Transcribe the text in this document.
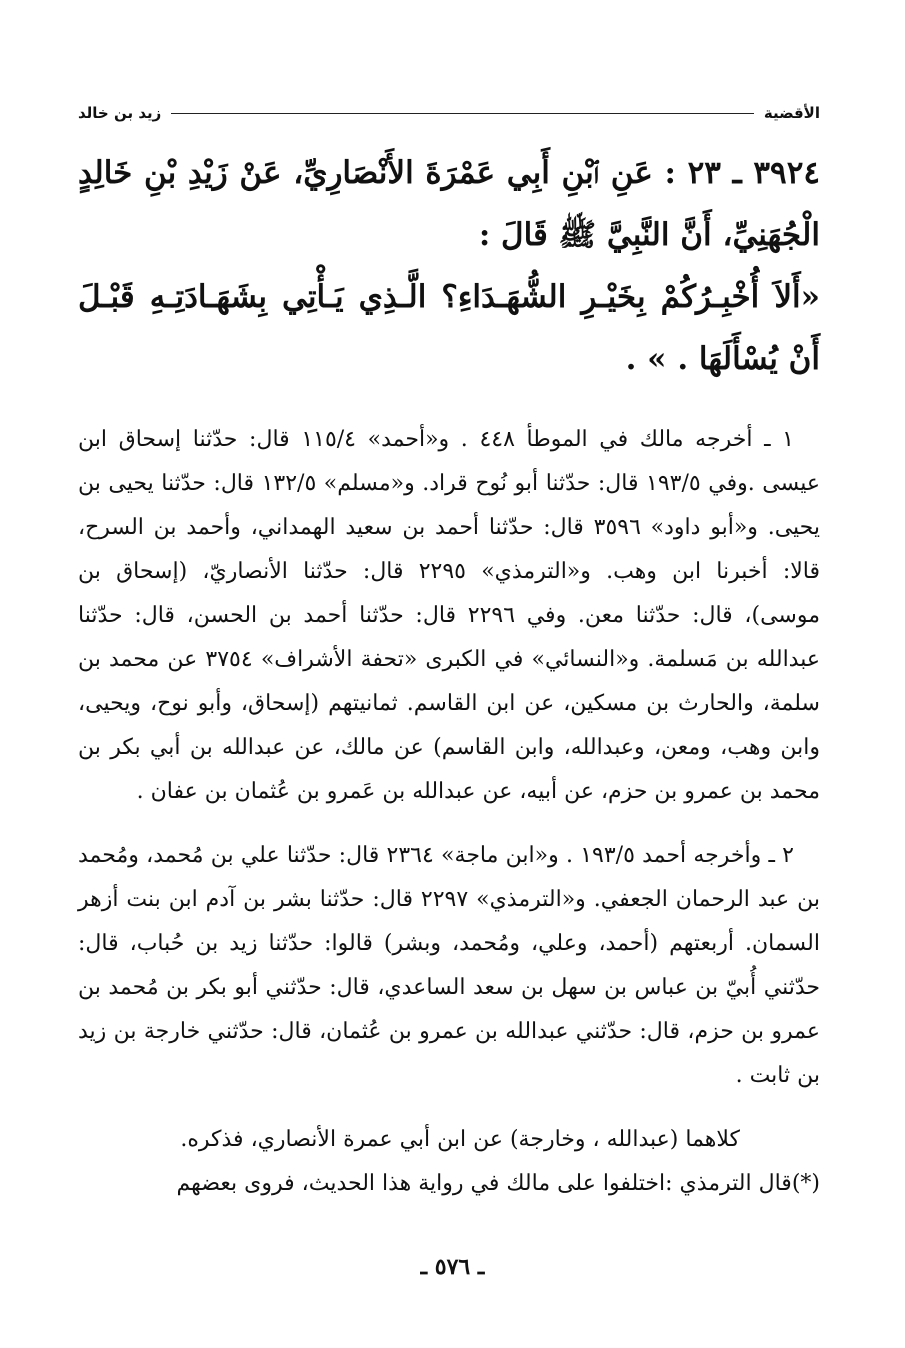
الأقضية
زيد بن خالد

٣٩٢٤ ـ ٢٣ : عَنِ ٱبْنِ أَبِي عَمْرَةَ الأَنْصَارِيِّ، عَنْ زَيْدِ بْنِ خَالِدٍ الْجُهَنِيِّ، أَنَّ النَّبِيَّ ﷺ قَالَ :

«أَلاَ أُخْبِـرُكُمْ بِخَيْـرِ الشُّهَـدَاءِ؟ الَّـذِي يَـأْتِي بِشَهَـادَتِـهِ قَبْـلَ أَنْ يُسْأَلَهَا . » .

١ ـ أخرجه مالك في الموطأ ٤٤٨ . و«أحمد» ١١٥/٤ قال: حدّثنا إسحاق ابن عيسى .وفي ١٩٣/٥ قال: حدّثنا أبو نُوح قراد. و«مسلم» ١٣٢/٥ قال: حدّثنا يحيى بن يحيى. و«أبو داود» ٣٥٩٦ قال: حدّثنا أحمد بن سعيد الهمداني، وأحمد بن السرح، قالا: أخبرنا ابن وهب. و«الترمذي» ٢٢٩٥ قال: حدّثنا الأنصاريّ، (إسحاق بن موسى)، قال: حدّثنا معن. وفي ٢٢٩٦ قال: حدّثنا أحمد بن الحسن، قال: حدّثنا عبدالله بن مَسلمة. و«النسائي» في الكبرى «تحفة الأشراف» ٣٧٥٤ عن محمد بن سلمة، والحارث بن مسكين، عن ابن القاسم. ثمانيتهم (إسحاق، وأبو نوح، ويحيى، وابن وهب، ومعن، وعبدالله، وابن القاسم) عن مالك، عن عبدالله بن أبي بكر بن محمد بن عمرو بن حزم، عن أبيه، عن عبدالله بن عَمرو بن عُثمان بن عفان .

٢ ـ وأخرجه أحمد ١٩٣/٥ . و«ابن ماجة» ٢٣٦٤ قال: حدّثنا علي بن مُحمد، ومُحمد بن عبد الرحمان الجعفي. و«الترمذي» ٢٢٩٧ قال: حدّثنا بشر بن آدم ابن بنت أزهر السمان. أربعتهم (أحمد، وعلي، ومُحمد، وبشر) قالوا: حدّثنا زيد بن حُباب، قال: حدّثني أُبيّ بن عباس بن سهل بن سعد الساعدي، قال: حدّثني أبو بكر بن مُحمد بن عمرو بن حزم، قال: حدّثني عبدالله بن عمرو بن عُثمان، قال: حدّثني خارجة بن زيد بن ثابت .

كلاهما (عبدالله ، وخارجة) عن ابن أبي عمرة الأنصاري، فذكره.

(*)قال الترمذي :اختلفوا على مالك في رواية هذا الحديث، فروى بعضهم

ـ ٥٧٦ ـ
